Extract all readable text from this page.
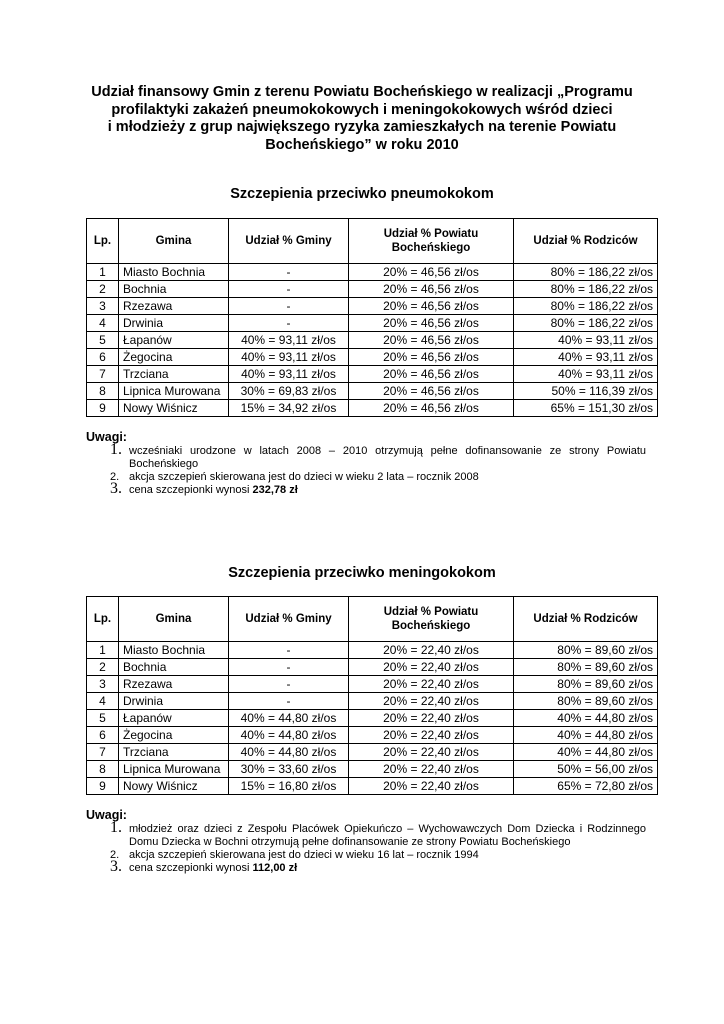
Udział finansowy Gmin z terenu Powiatu Bocheńskiego w realizacji „Programu
profilaktyki zakażeń pneumokokowych i meningokokowych wśród dzieci
i młodzieży z grup największego ryzyka zamieszkałych na terenie Powiatu
Bocheńskiego” w roku 2010
Szczepienia przeciwko pneumokokom
Lp.	Gmina	Udział % Gminy	Udział % Powiatu Bocheńskiego	Udział % Rodziców
1	Miasto Bochnia	-	20% = 46,56 zł/os	80% = 186,22 zł/os
2	Bochnia	-	20% = 46,56 zł/os	80% = 186,22 zł/os
3	Rzezawa	-	20% = 46,56 zł/os	80% = 186,22 zł/os
4	Drwinia	-	20% = 46,56 zł/os	80% = 186,22 zł/os
5	Łapanów	40% = 93,11 zł/os	20% = 46,56 zł/os	40% = 93,11 zł/os
6	Żegocina	40% = 93,11 zł/os	20% = 46,56 zł/os	40% = 93,11 zł/os
7	Trzciana	40% = 93,11 zł/os	20% = 46,56 zł/os	40% = 93,11 zł/os
8	Lipnica Murowana	30% = 69,83 zł/os	20% = 46,56 zł/os	50% = 116,39 zł/os
9	Nowy Wiśnicz	15% = 34,92 zł/os	20% = 46,56 zł/os	65% = 151,30 zł/os
Uwagi:
1. wcześniaki urodzone w latach 2008 – 2010 otrzymują pełne dofinansowanie ze strony Powiatu Bocheńskiego
2. akcja szczepień skierowana jest do dzieci w wieku 2 lata – rocznik 2008
3. cena szczepionki wynosi 232,78 zł
Szczepienia przeciwko meningokokom
Lp.	Gmina	Udział % Gminy	Udział % Powiatu Bocheńskiego	Udział % Rodziców
1	Miasto Bochnia	-	20% = 22,40 zł/os	80% = 89,60 zł/os
2	Bochnia	-	20% = 22,40 zł/os	80% = 89,60 zł/os
3	Rzezawa	-	20% = 22,40 zł/os	80% = 89,60 zł/os
4	Drwinia	-	20% = 22,40 zł/os	80% = 89,60 zł/os
5	Łapanów	40% = 44,80 zł/os	20% = 22,40 zł/os	40% = 44,80 zł/os
6	Żegocina	40% = 44,80 zł/os	20% = 22,40 zł/os	40% = 44,80 zł/os
7	Trzciana	40% = 44,80 zł/os	20% = 22,40 zł/os	40% = 44,80 zł/os
8	Lipnica Murowana	30% = 33,60 zł/os	20% = 22,40 zł/os	50% = 56,00 zł/os
9	Nowy Wiśnicz	15% = 16,80 zł/os	20% = 22,40 zł/os	65% = 72,80 zł/os
Uwagi:
1. młodzież oraz dzieci z Zespołu Placówek Opiekuńczo – Wychowawczych Dom Dziecka i Rodzinnego Domu Dziecka w Bochni otrzymują pełne dofinansowanie ze strony Powiatu Bocheńskiego
2. akcja szczepień skierowana jest do dzieci w wieku 16 lat – rocznik 1994
3. cena szczepionki wynosi 112,00 zł
